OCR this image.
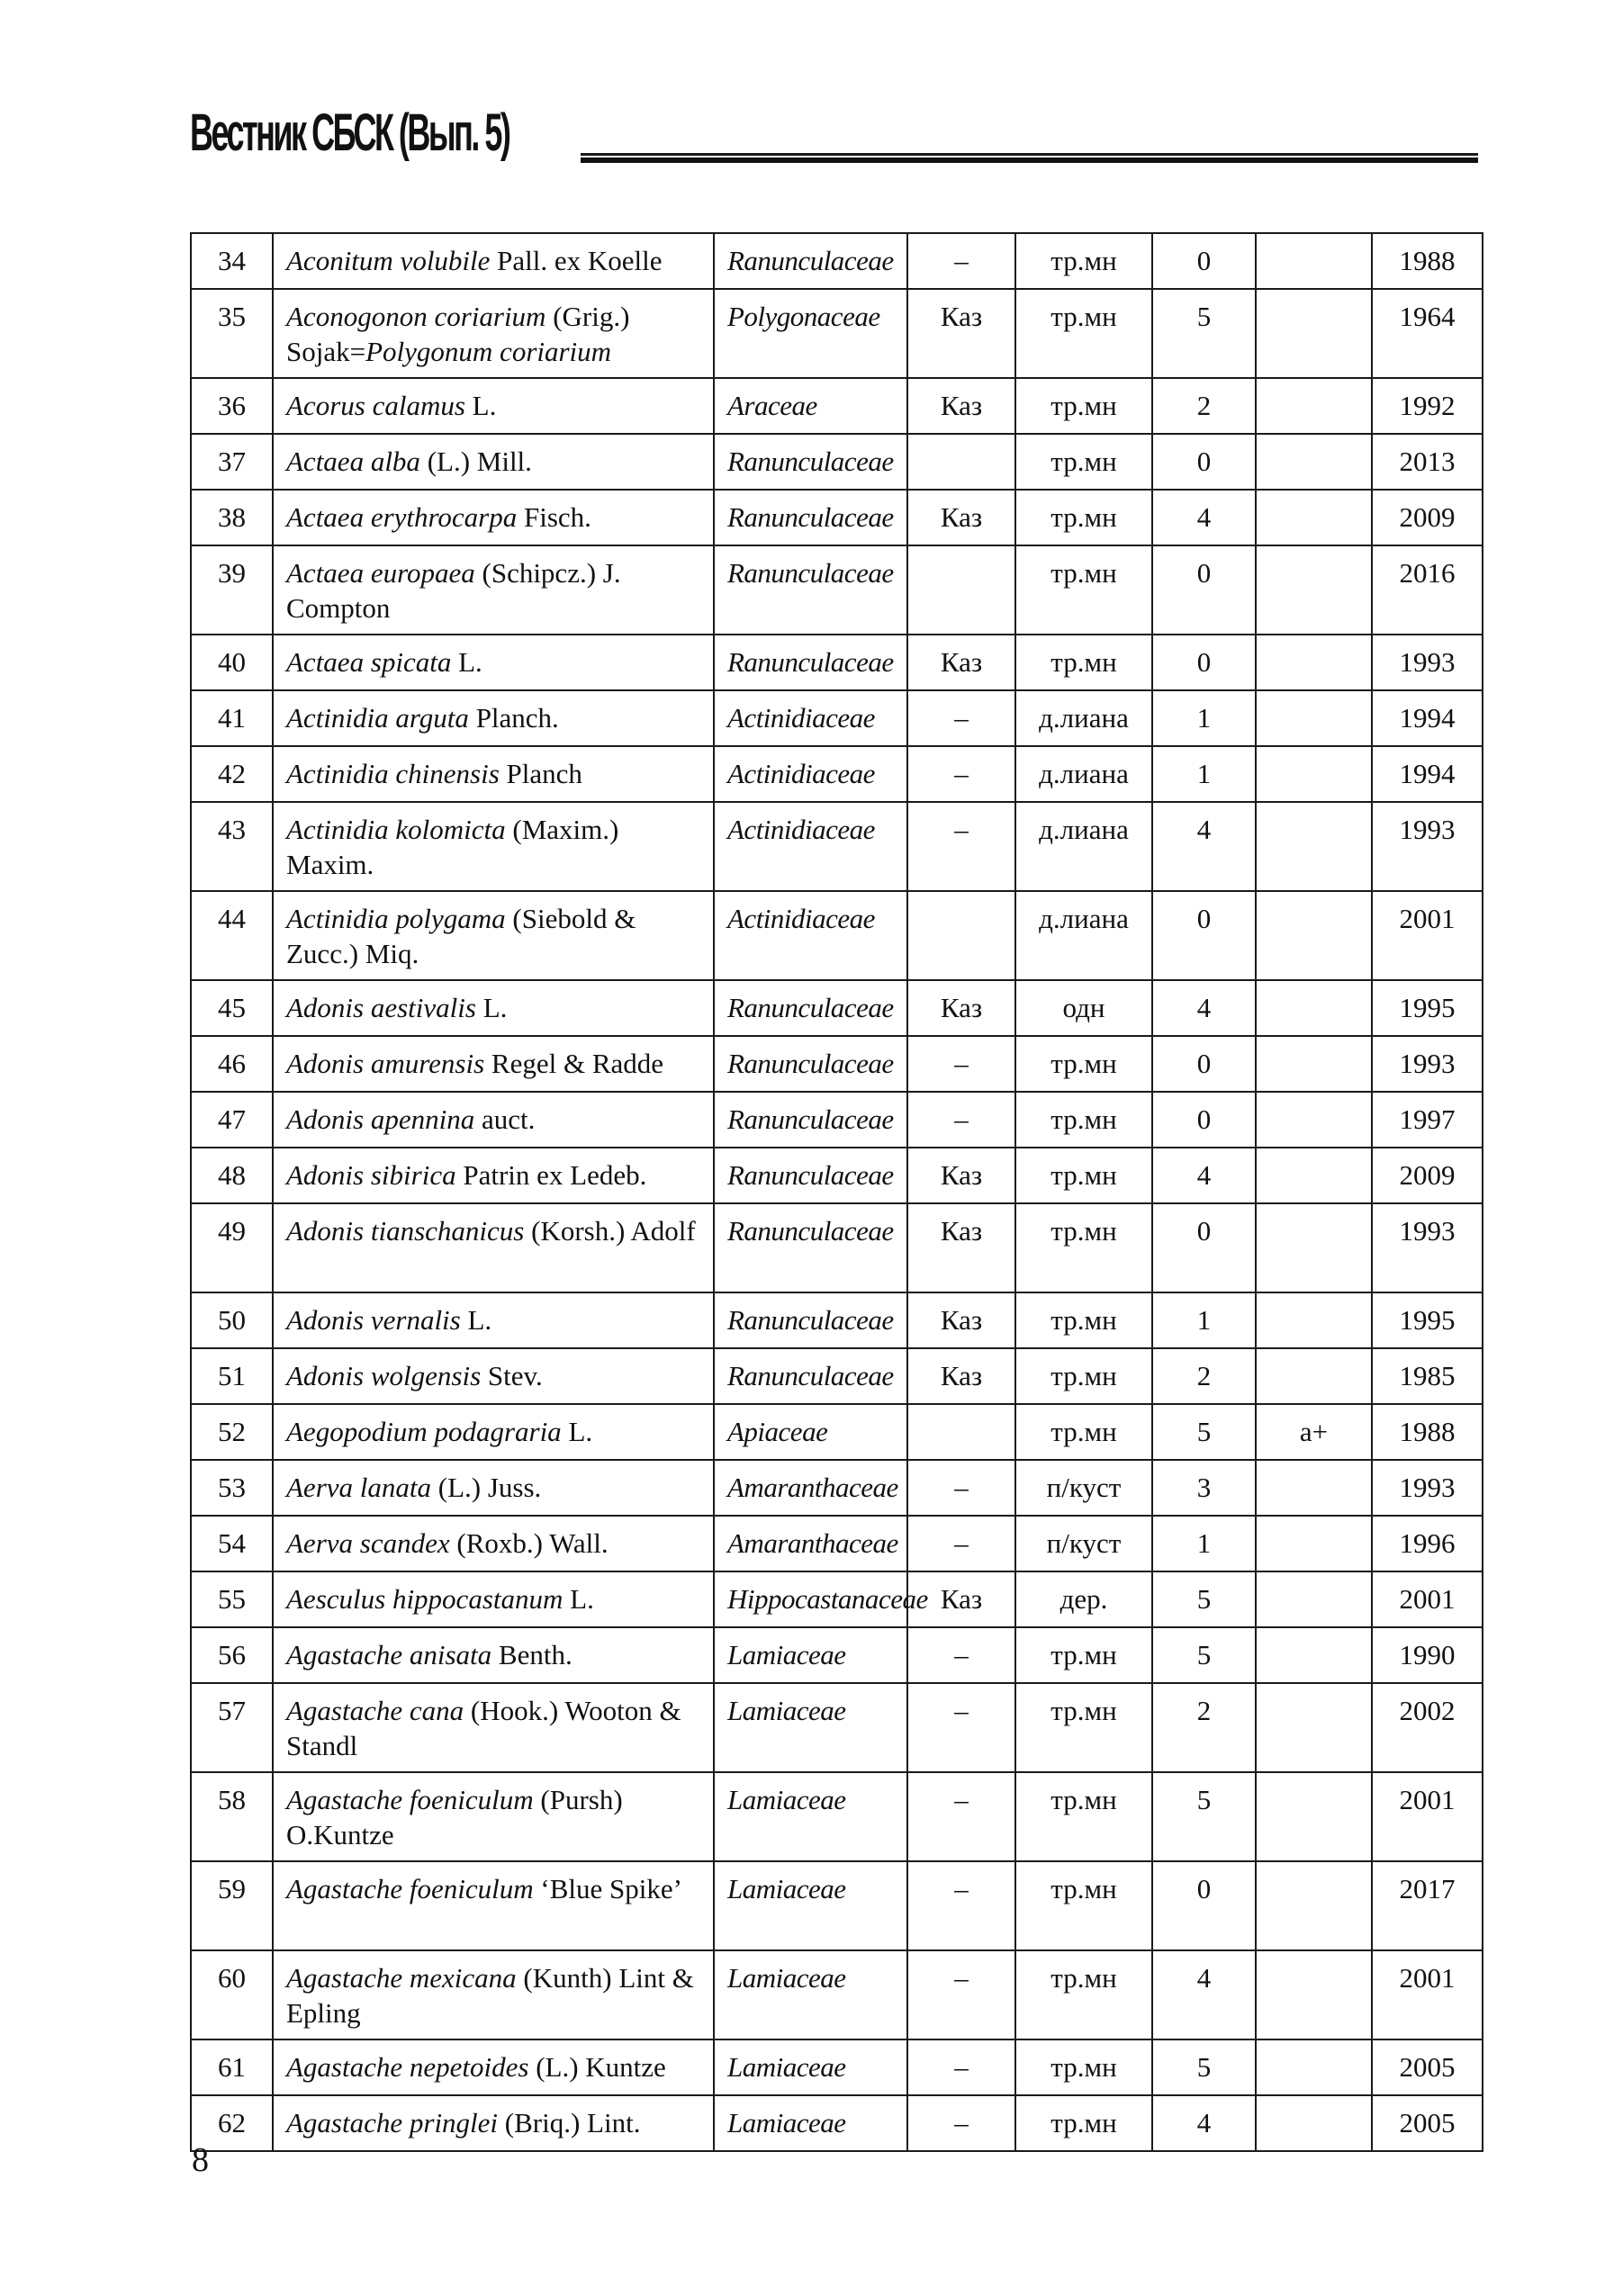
Вестник СБСК (Вып. 5)
34	Aconitum volubile Pall. ex Koelle	Ranunculaceae	–	тр.мн	0		1988
35	Aconogonon coriarium (Grig.) Sojak=Polygonum coriarium	Polygonaceae	Каз	тр.мн	5		1964
36	Acorus calamus L.	Araceae	Каз	тр.мн	2		1992
37	Actaea alba (L.) Mill.	Ranunculaceae		тр.мн	0		2013
38	Actaea erythrocarpa Fisch.	Ranunculaceae	Каз	тр.мн	4		2009
39	Actaea europaea (Schipcz.) J. Compton	Ranunculaceae		тр.мн	0		2016
40	Actaea spicata L.	Ranunculaceae	Каз	тр.мн	0		1993
41	Actinidia arguta Planch.	Actinidiaceae	–	д.лиана	1		1994
42	Actinidia chinensis Planch	Actinidiaceae	–	д.лиана	1		1994
43	Actinidia kolomicta (Maxim.) Maxim.	Actinidiaceae	–	д.лиана	4		1993
44	Actinidia polygama (Siebold & Zucc.) Miq.	Actinidiaceae		д.лиана	0		2001
45	Adonis aestivalis L.	Ranunculaceae	Каз	одн	4		1995
46	Adonis amurensis Regel & Radde	Ranunculaceae	–	тр.мн	0		1993
47	Adonis apennina auct.	Ranunculaceae	–	тр.мн	0		1997
48	Adonis sibirica Patrin ex Ledeb.	Ranunculaceae	Каз	тр.мн	4		2009
49	Adonis tianschanicus (Korsh.) Adolf	Ranunculaceae	Каз	тр.мн	0		1993
50	Adonis vernalis L.	Ranunculaceae	Каз	тр.мн	1		1995
51	Adonis wolgensis Stev.	Ranunculaceae	Каз	тр.мн	2		1985
52	Aegopodium podagraria L.	Apiaceae		тр.мн	5	а+	1988
53	Aerva lanata (L.) Juss.	Amaranthaceae	–	п/куст	3		1993
54	Aerva scandex (Roxb.) Wall.	Amaranthaceae	–	п/куст	1		1996
55	Aesculus hippocastanum L.	Hippocastanaceae	Каз	дер.	5		2001
56	Agastache anisata Benth.	Lamiaceae	–	тр.мн	5		1990
57	Agastache cana (Hook.) Wooton & Standl	Lamiaceae	–	тр.мн	2		2002
58	Agastache foeniculum (Pursh) O.Kuntze	Lamiaceae	–	тр.мн	5		2001
59	Agastache foeniculum ‘Blue Spike’	Lamiaceae	–	тр.мн	0		2017
60	Agastache mexicana (Kunth) Lint & Epling	Lamiaceae	–	тр.мн	4		2001
61	Agastache nepetoides (L.) Kuntze	Lamiaceae	–	тр.мн	5		2005
62	Agastache pringlei (Briq.) Lint.	Lamiaceae	–	тр.мн	4		2005
8
